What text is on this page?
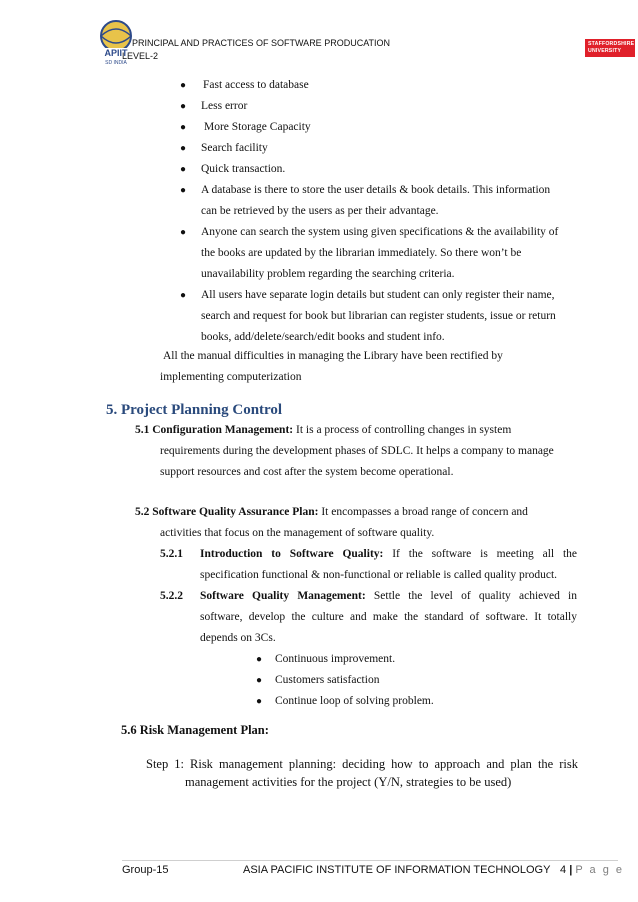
APIIT
SD INDIA
PRINCIPAL AND PRACTICES OF SOFTWARE PRODUCATION
LEVEL-2
STAFFORDSHIRE UNIVERSITY
● Fast access to database
● Less error
● More Storage Capacity
● Search facility
● Quick transaction.
● A database is there to store the user details & book details. This information
can be retrieved by the users as per their advantage.
● Anyone can search the system using given specifications & the availability of
the books are updated by the librarian immediately. So there won’t be
unavailability problem regarding the searching criteria.
● All users have separate login details but student can only register their name,
search and request for book but librarian can register students, issue or return
books, add/delete/search/edit books and student info.
All the manual difficulties in managing the Library have been rectified by
implementing computerization
5. Project Planning Control
5.1 Configuration Management: It is a process of controlling changes in system
requirements during the development phases of SDLC. It helps a company to manage
support resources and cost after the system become operational.
5.2 Software Quality Assurance Plan: It encompasses a broad range of concern and
activities that focus on the management of software quality.
5.2.1 Introduction to Software Quality: If the software is meeting all the
specification functional & non-functional or reliable is called quality product.
5.2.2 Software Quality Management: Settle the level of quality achieved in
software, develop the culture and make the standard of software. It totally
depends on 3Cs.
● Continuous improvement.
● Customers satisfaction
● Continue loop of solving problem.
5.6 Risk Management Plan:
Step 1: Risk management planning: deciding how to approach and plan the risk
management activities for the project (Y/N, strategies to be used)
Group-15	ASIA PACIFIC INSTITUTE OF INFORMATION TECHNOLOGY 4 | P a g e
